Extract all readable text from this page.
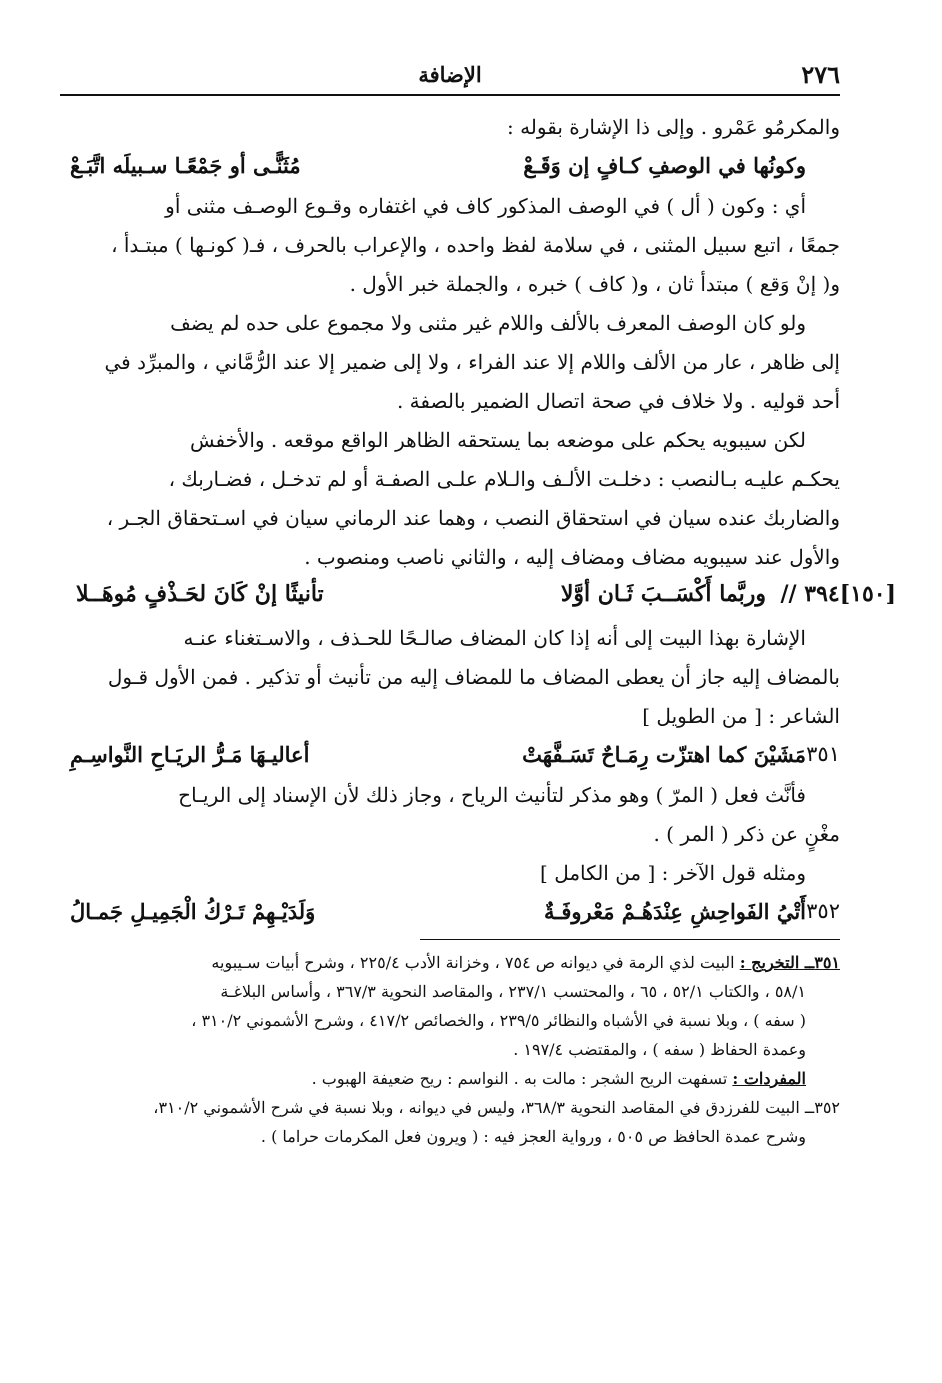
٢٧٦
الإضافة

والمكرمُو عَمْرو . وإلى ذا الإشارة بقوله :

وكونُها في الوصفِ كـافٍ إن وَقَـعْ
مُثَنًّـى أو جَمْعًـا سـبيلَه اتَّبَـعْ

أي : وكون ( أل ) في الوصف المذكور كاف في اغتفاره وقـوع الوصـف مثنى أو

جمعًا ، اتبع سبيل المثنى ، في سلامة لفظ واحده ، والإعراب بالحرف ، فـ( كونـها ) مبتـدأ ،

و( إنْ وَقع ) مبتدأ ثان ، و( كاف ) خبره ، والجملة خبر الأول .

ولو كان الوصف المعرف بالألف واللام غير مثنى ولا مجموع على حده لم يضف

إلى ظاهر ، عار من الألف واللام إلا عند الفراء ، ولا إلى ضمير إلا عند الرُّمَّاني ، والمبرِّد في

أحد قوليه . ولا خلاف في صحة اتصال الضمير بالصفة .

لكن سيبويه يحكم على موضعه بما يستحقه الظاهر الواقع موقعه . والأخفش

يحكـم عليـه بـالنصب : دخلـت الألـف والـلام علـى الصفـة أو لم تدخـل ، فضـاربك ،

والضاربك عنده سيان في استحقاق النصب ، وهما عند الرماني سيان في اسـتحقاق الجـر ،

والأول عند سيبويه مضاف ومضاف إليه ، والثاني ناصب ومنصوب .

[١٥٠]٣٩٤ //
وربَّما أَكْسَــبَ ثَـان أوَّلا
تأنيثًا إنْ كَانَ لحَـذْفٍ مُوهَــلا

الإشارة بهذا البيت إلى أنه إذا كان المضاف صالـحًا للحـذف ، والاسـتغناء عنـه

بالمضاف إليه جاز أن يعطى المضاف ما للمضاف إليه من تأنيث أو تذكير . فمن الأول قـول

الشاعر : [ من الطويل ]

٣٥١
مَشَيْنَ كما اهتزّت رِمَـاحٌ تَسَـفَّهَتْ
أعاليـهَا مَـرُّ الريَـاحِ النَّواسِـمِ

فأنَّث فعل ( المرّ ) وهو مذكر لتأنيث الرياح ، وجاز ذلك لأن الإسناد إلى الريـاح

مغْنٍ عن ذكر ( المر ) .

ومثله قول الآخر : [ من الكامل ]

٣٥٢
أَتْيُ الفَواحِشِ عِنْدَهُـمْ مَعْروفَـةٌ
وَلَدَيْـهِمْ تَـرْكُ الْجَمِيـلِ جَمـالُ

٣٥١ــ التخريج : البيت لذي الرمة في ديوانه ص ٧٥٤ ، وخزانة الأدب ٢٢٥/٤ ، وشرح أبيات سـيبويه

٥٨/١ ، والكتاب ٥٢/١ ، ٦٥ ، والمحتسب ٢٣٧/١ ، والمقاصد النحوية ٣٦٧/٣ ، وأساس البلاغـة

( سفه ) ، وبلا نسبة في الأشباه والنظائر ٢٣٩/٥ ، والخصائص ٤١٧/٢ ، وشرح الأشموني ٣١٠/٢ ،

وعمدة الحفاظ ( سفه ) ، والمقتضب ١٩٧/٤ .

المفردات : تسفهت الريح الشجر : مالت به . النواسم : ريح ضعيفة الهبوب .

٣٥٢ــ البيت للفرزدق في المقاصد النحوية ٣٦٨/٣، وليس في ديوانه ، وبلا نسبة في شرح الأشموني ٣١٠/٢،

وشرح عمدة الحافظ ص ٥٠٥ ، ورواية العجز فيه : ( ويرون فعل المكرمات حراما ) .
